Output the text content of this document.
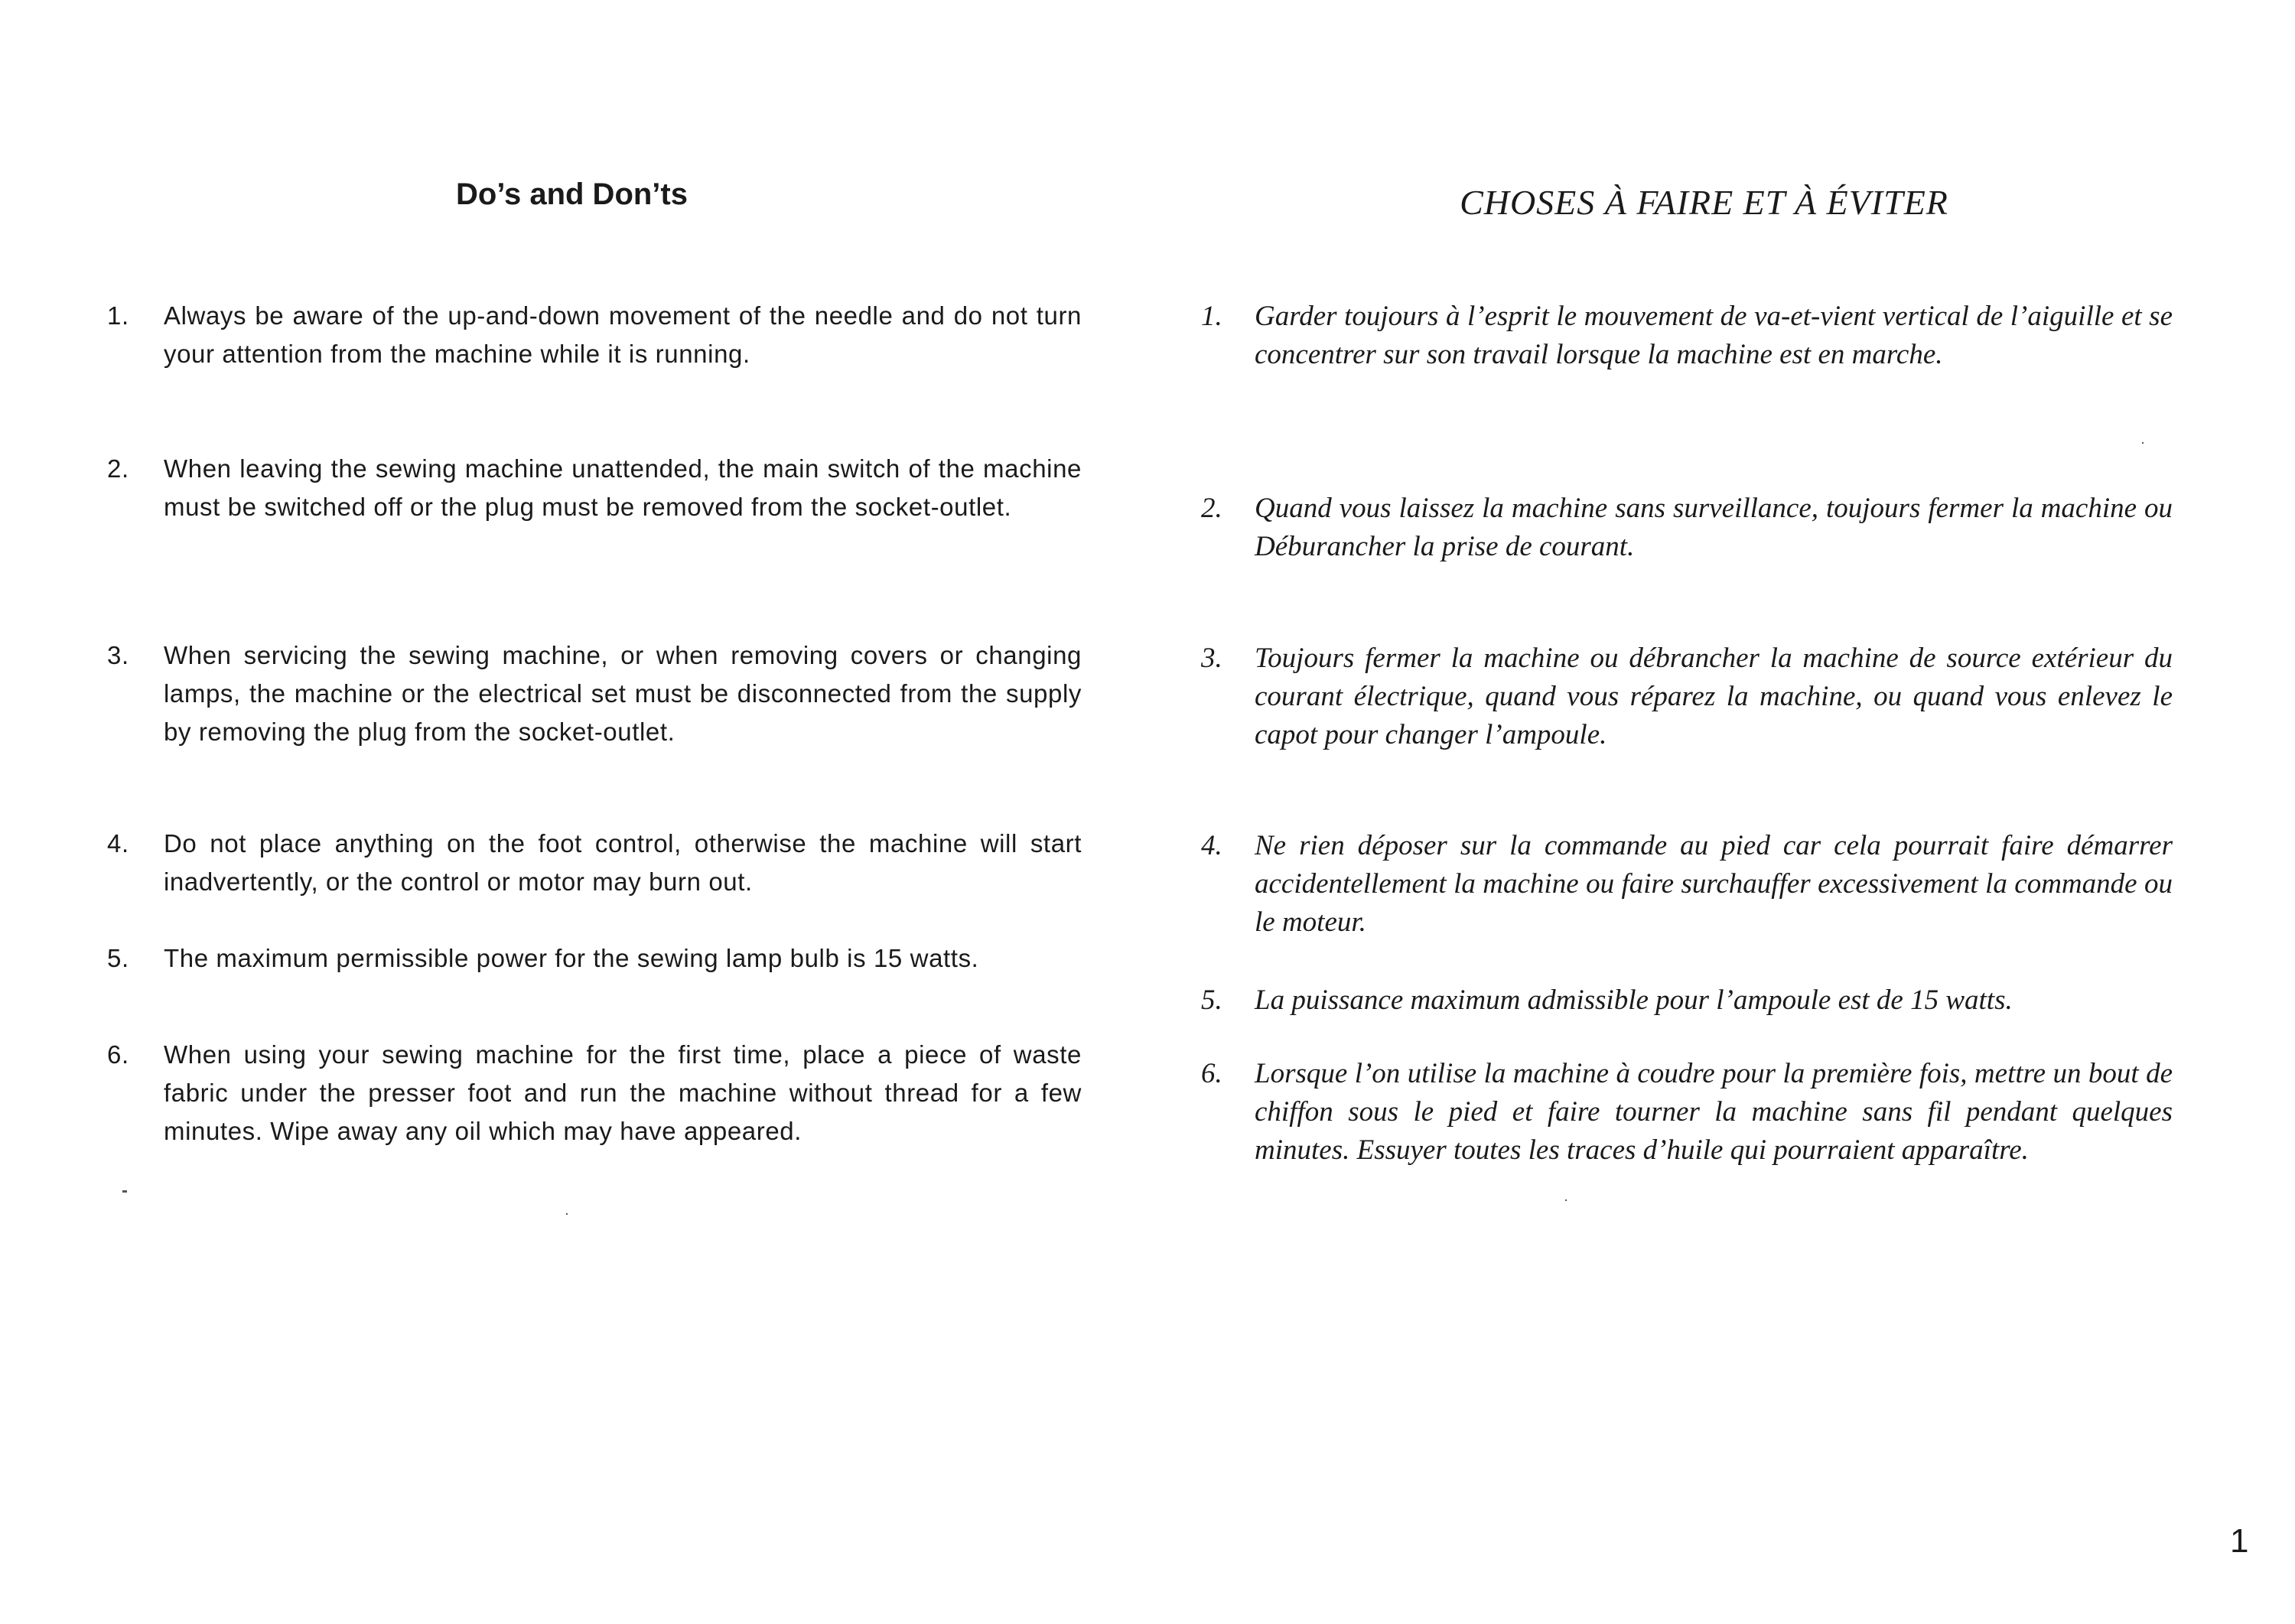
Do’s and Don’ts
1. Always be aware of the up-and-down movement of the needle and do not turn your attention from the machine while it is running.
2. When leaving the sewing machine unattended, the main switch of the machine must be switched off or the plug must be removed from the socket-outlet.
3. When servicing the sewing machine, or when removing covers or changing lamps, the machine or the electrical set must be disconnected from the supply by removing the plug from the socket-outlet.
4. Do not place anything on the foot control, otherwise the machine will start inadvertently, or the control or motor may burn out.
5. The maximum permissible power for the sewing lamp bulb is 15 watts.
6. When using your sewing machine for the first time, place a piece of waste fabric under the presser foot and run the machine without thread for a few minutes. Wipe away any oil which may have appeared.
CHOSES À FAIRE ET À ÉVITER
1. Garder toujours à l’esprit le mouvement de va-et-vient vertical de l’aiguille et se concentrer sur son travail lorsque la machine est en marche.
2. Quand vous laissez la machine sans surveillance, toujours fermer la machine ou Déburancher la prise de courant.
3. Toujours fermer la machine ou débrancher la machine de source extérieur du courant électrique, quand vous réparez la machine, ou quand vous enlevez le capot pour changer l’ampoule.
4. Ne rien déposer sur la commande au pied car cela pourrait faire démarrer accidentellement la machine ou faire surchauffer excessivement la commande ou le moteur.
5. La puissance maximum admissible pour l’ampoule est de 15 watts.
6. Lorsque l’on utilise la machine à coudre pour la première fois, mettre un bout de chiffon sous le pied et faire tourner la machine sans fil pendant quelques minutes. Essuyer toutes les traces d’huile qui pourraient apparaître.
1
